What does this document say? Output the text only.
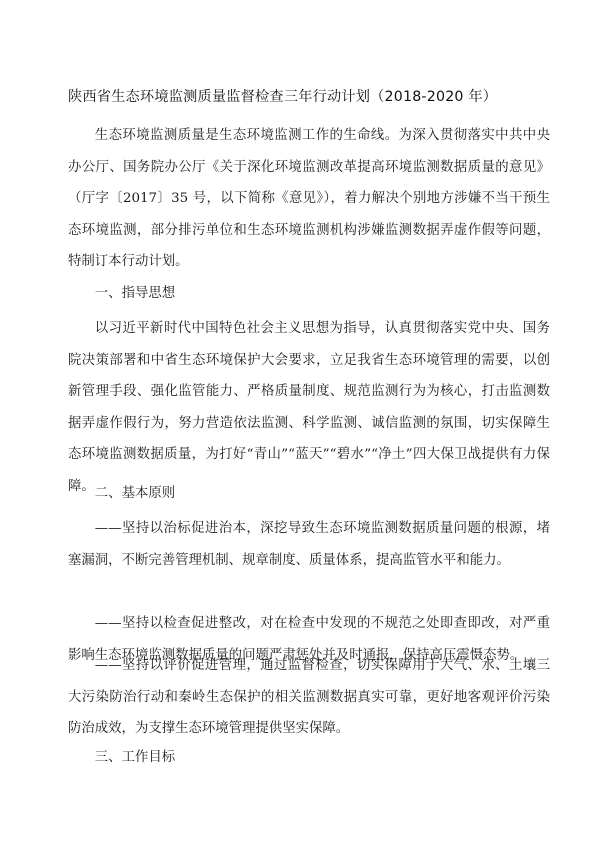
陕西省生态环境监测质量监督检查三年行动计划（2018-2020 年）
生态环境监测质量是生态环境监测工作的生命线。为深入贯彻落实中共中央办公厅、国务院办公厅《关于深化环境监测改革提高环境监测数据质量的意见》（厅字〔2017〕35 号，以下简称《意见》），着力解决个别地方涉嫌不当干预生态环境监测，部分排污单位和生态环境监测机构涉嫌监测数据弄虚作假等问题，特制订本行动计划。
一、指导思想
以习近平新时代中国特色社会主义思想为指导，认真贯彻落实党中央、国务院决策部署和中省生态环境保护大会要求，立足我省生态环境管理的需要，以创新管理手段、强化监管能力、严格质量制度、规范监测行为为核心，打击监测数据弄虚作假行为，努力营造依法监测、科学监测、诚信监测的氛围，切实保障生态环境监测数据质量，为打好“青山”“蓝天”“碧水”“净土”四大保卫战提供有力保障。 二、基本原则
——坚持以治标促进治本，深挖导致生态环境监测数据质量问题的根源，堵塞漏洞，不断完善管理机制、规章制度、质量体系，提高监管水平和能力。
——坚持以检查促进整改，对在检查中发现的不规范之处即查即改，对严重影响生态环境监测数据质量的问题严肃惩处并及时通报，保持高压震慑态势。
——坚持以评价促进管理，通过监督检查，切实保障用于大气、水、土壤三大污染防治行动和秦岭生态保护的相关监测数据真实可靠，更好地客观评价污染防治成效，为支撑生态环境管理提供坚实保障。
三、工作目标
